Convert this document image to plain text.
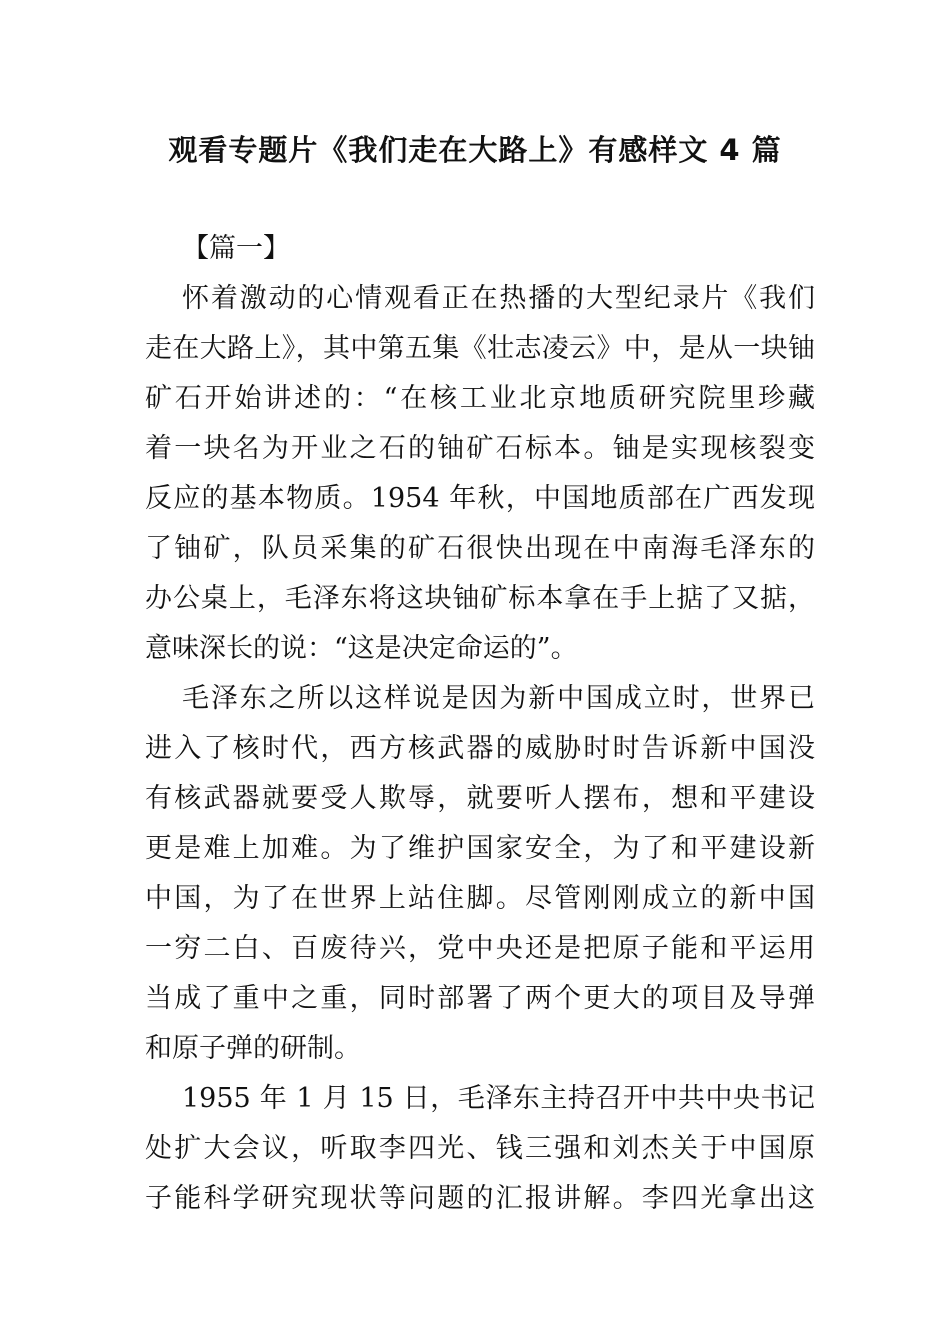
观看专题片《我们走在大路上》有感样文 4 篇

【篇一】

怀着激动的心情观看正在热播的大型纪录片《我们
走在大路上》，其中第五集《壮志凌云》中，是从一块铀
矿石开始讲述的：“在核工业北京地质研究院里珍藏
着一块名为开业之石的铀矿石标本。铀是实现核裂变
反应的基本物质。1954 年秋，中国地质部在广西发现
了铀矿，队员采集的矿石很快出现在中南海毛泽东的
办公桌上，毛泽东将这块铀矿标本拿在手上掂了又掂，
意味深长的说：“这是决定命运的”。

毛泽东之所以这样说是因为新中国成立时，世界已
进入了核时代，西方核武器的威胁时时告诉新中国没
有核武器就要受人欺辱，就要听人摆布，想和平建设
更是难上加难。为了维护国家安全，为了和平建设新
中国，为了在世界上站住脚。尽管刚刚成立的新中国
一穷二白、百废待兴，党中央还是把原子能和平运用
当成了重中之重，同时部署了两个更大的项目及导弹
和原子弹的研制。

1955 年 1 月 15 日，毛泽东主持召开中共中央书记
处扩大会议，听取李四光、钱三强和刘杰关于中国原
子能科学研究现状等问题的汇报讲解。李四光拿出这
